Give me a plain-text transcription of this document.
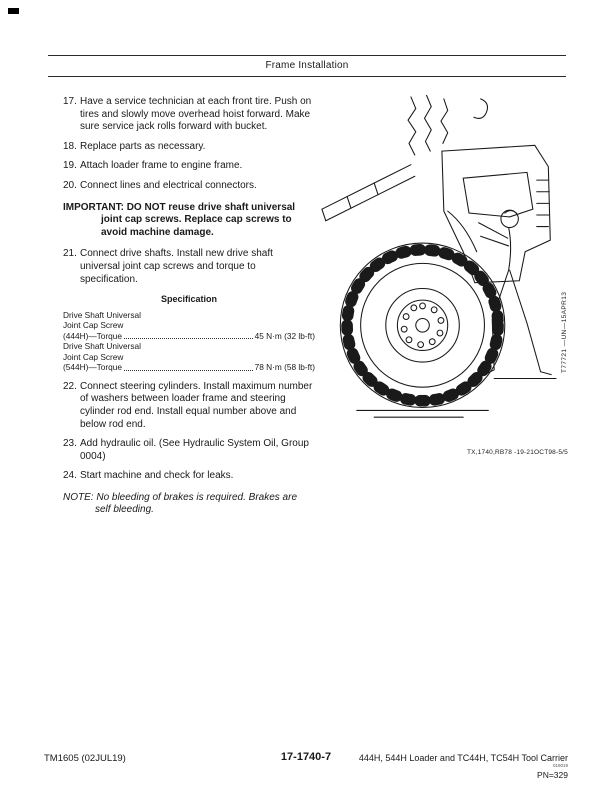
Frame Installation
17. Have a service technician at each front tire. Push on tires and slowly move overhead hoist forward. Make sure service jack rolls forward with bucket.
18. Replace parts as necessary.
19. Attach loader frame to engine frame.
20. Connect lines and electrical connectors.
IMPORTANT: DO NOT reuse drive shaft universal joint cap screws. Replace cap screws to avoid machine damage.
21. Connect drive shafts. Install new drive shaft universal joint cap screws and torque to specification.
Specification
Drive Shaft Universal
Joint Cap Screw
(444H)—Torque	45 N·m (32 lb-ft)
Drive Shaft Universal
Joint Cap Screw
(544H)—Torque	78 N·m (58 lb-ft)
22. Connect steering cylinders. Install maximum number of washers between loader frame and steering cylinder rod end. Install equal number above and below rod end.
23. Add hydraulic oil. (See Hydraulic System Oil, Group 0004)
24. Start machine and check for leaks.
NOTE: No bleeding of brakes is required. Brakes are self bleeding.
T77721 —UN—15APR13
TX,1740,RB78 -19-21OCT98-5/5
TM1605 (02JUL19)	17-1740-7	444H, 544H Loader and TC44H, TC54H Tool Carrier
019019
PN=329
